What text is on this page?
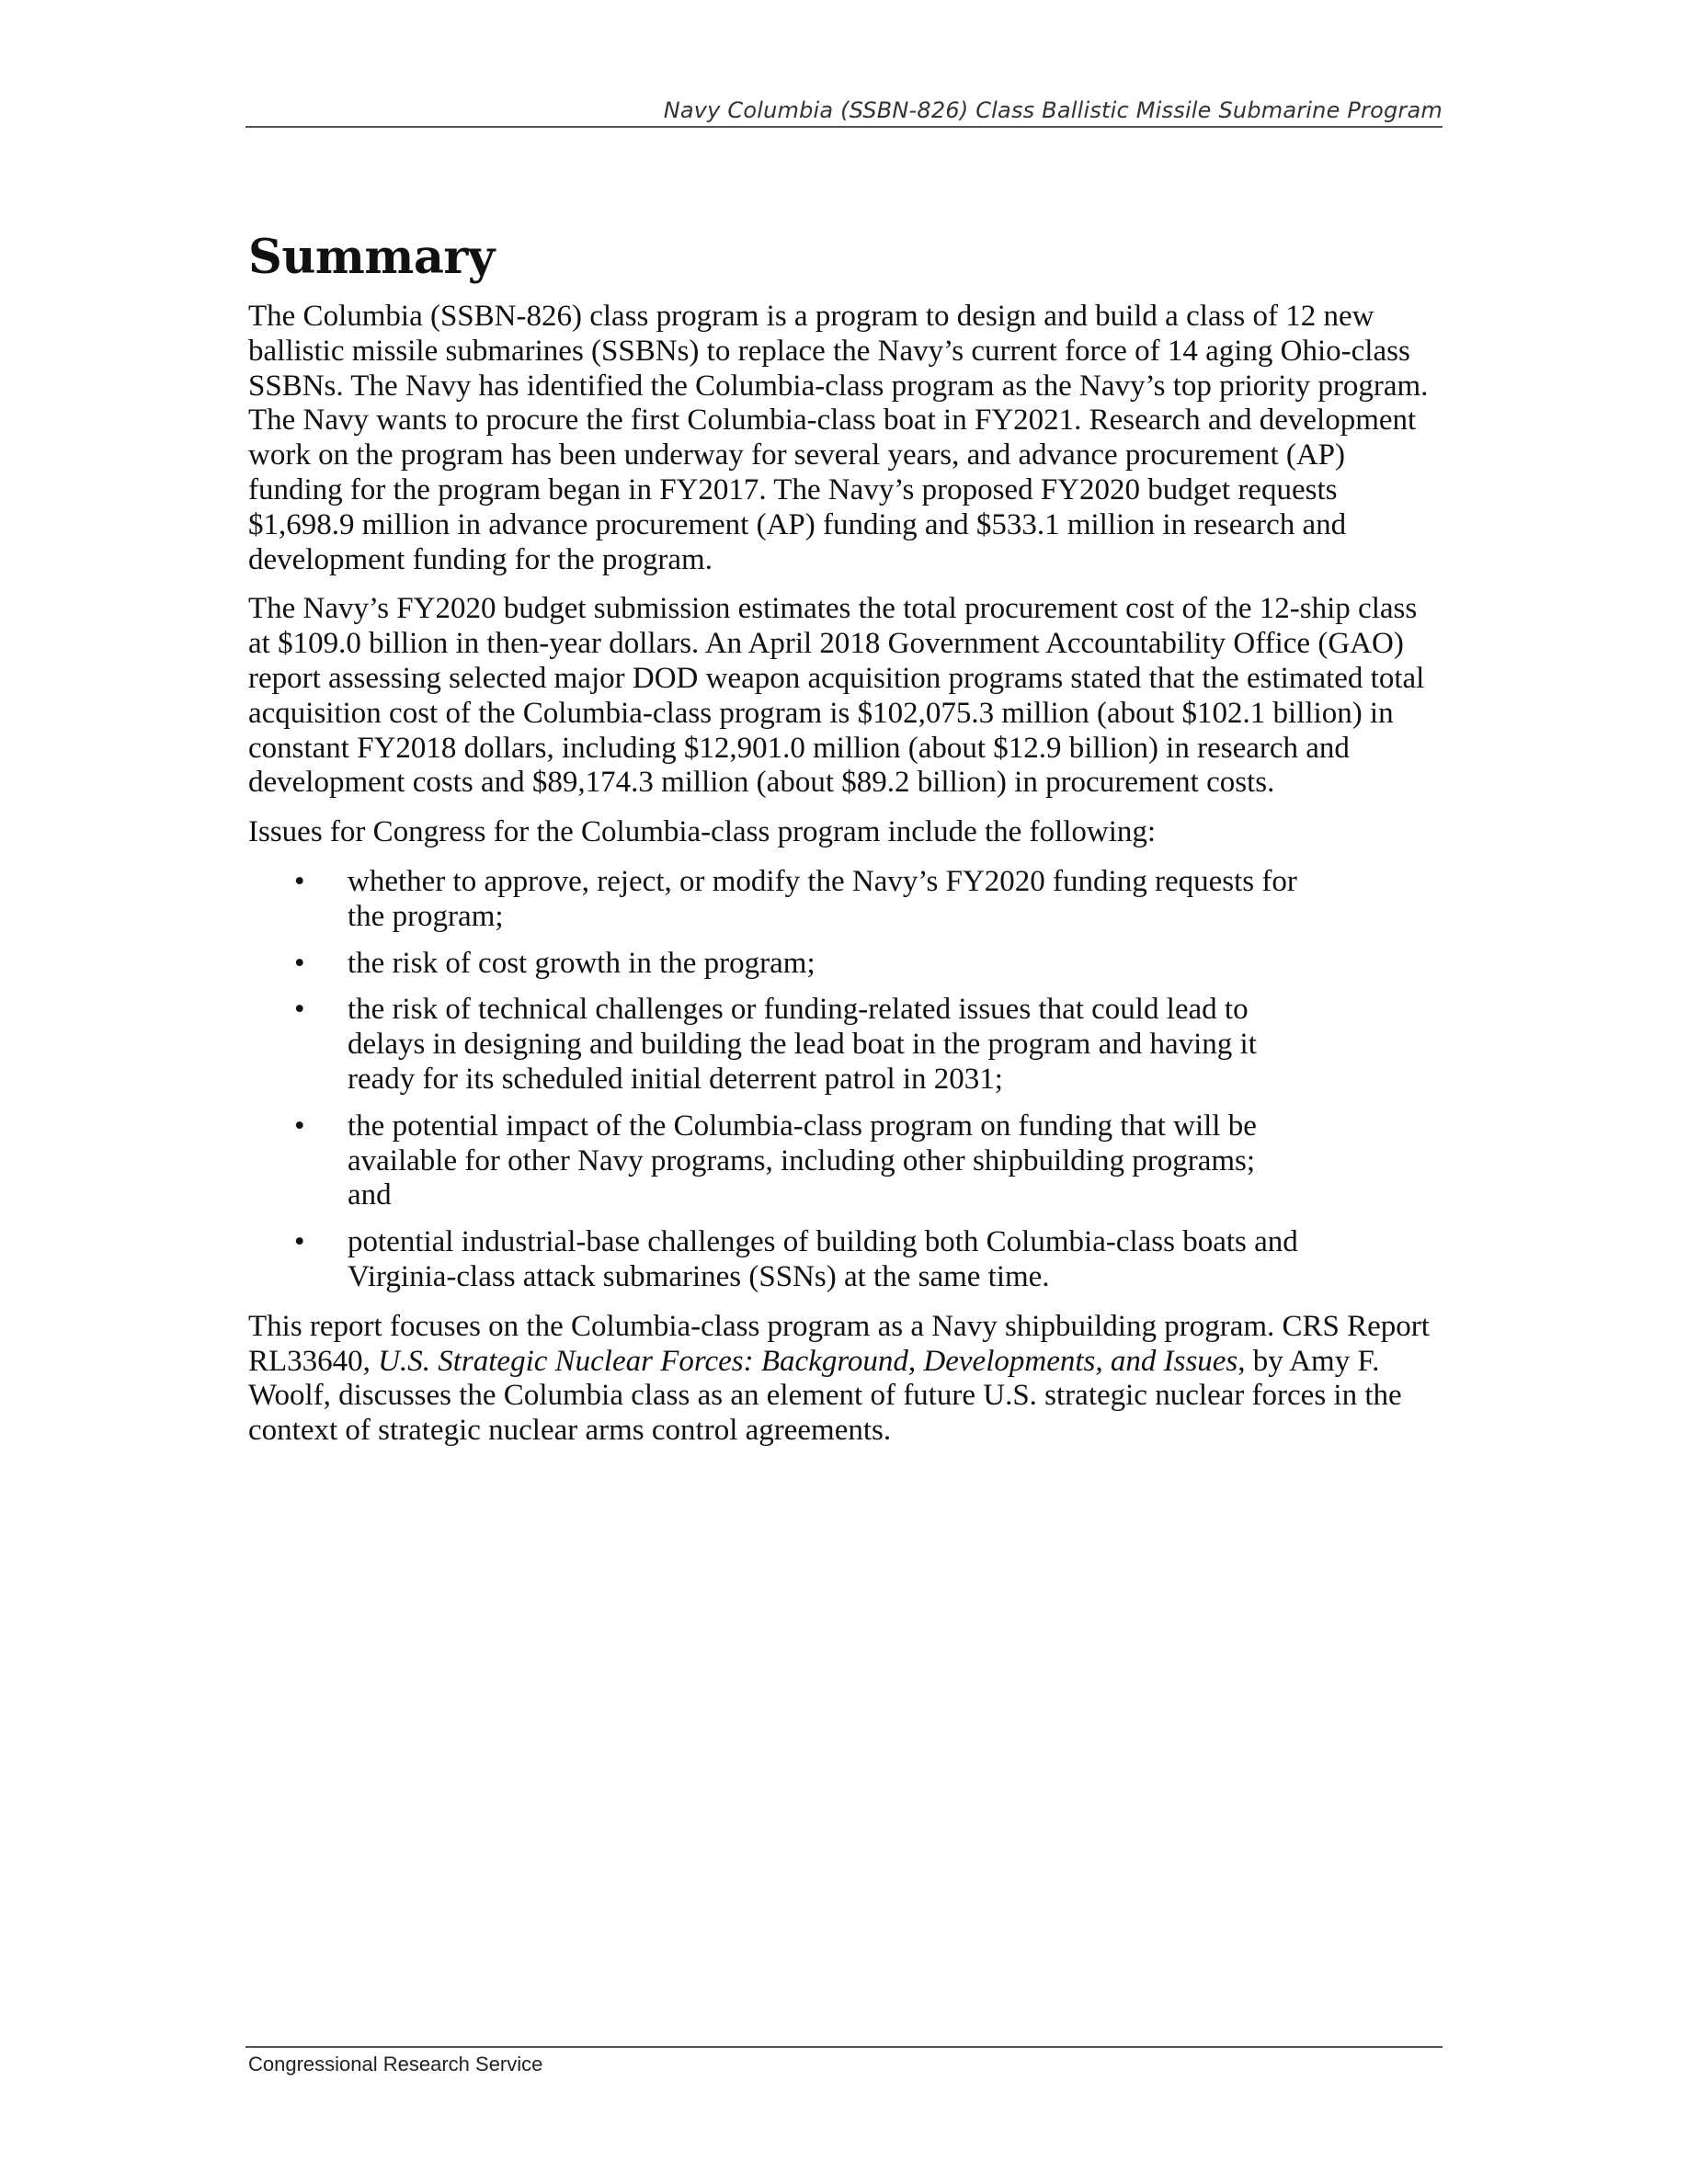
Navy Columbia (SSBN-826) Class Ballistic Missile Submarine Program
Summary

The Columbia (SSBN-826) class program is a program to design and build a class of 12 new ballistic missile submarines (SSBNs) to replace the Navy’s current force of 14 aging Ohio-class SSBNs. The Navy has identified the Columbia-class program as the Navy’s top priority program. The Navy wants to procure the first Columbia-class boat in FY2021. Research and development work on the program has been underway for several years, and advance procurement (AP) funding for the program began in FY2017. The Navy’s proposed FY2020 budget requests $1,698.9 million in advance procurement (AP) funding and $533.1 million in research and development funding for the program.

The Navy’s FY2020 budget submission estimates the total procurement cost of the 12-ship class at $109.0 billion in then-year dollars. An April 2018 Government Accountability Office (GAO) report assessing selected major DOD weapon acquisition programs stated that the estimated total acquisition cost of the Columbia-class program is $102,075.3 million (about $102.1 billion) in constant FY2018 dollars, including $12,901.0 million (about $12.9 billion) in research and development costs and $89,174.3 million (about $89.2 billion) in procurement costs.

Issues for Congress for the Columbia-class program include the following:

• whether to approve, reject, or modify the Navy’s FY2020 funding requests for the program;
• the risk of cost growth in the program;
• the risk of technical challenges or funding-related issues that could lead to delays in designing and building the lead boat in the program and having it ready for its scheduled initial deterrent patrol in 2031;
• the potential impact of the Columbia-class program on funding that will be available for other Navy programs, including other shipbuilding programs; and
• potential industrial-base challenges of building both Columbia-class boats and Virginia-class attack submarines (SSNs) at the same time.

This report focuses on the Columbia-class program as a Navy shipbuilding program. CRS Report RL33640, U.S. Strategic Nuclear Forces: Background, Developments, and Issues, by Amy F. Woolf, discusses the Columbia class as an element of future U.S. strategic nuclear forces in the context of strategic nuclear arms control agreements.

Congressional Research Service
